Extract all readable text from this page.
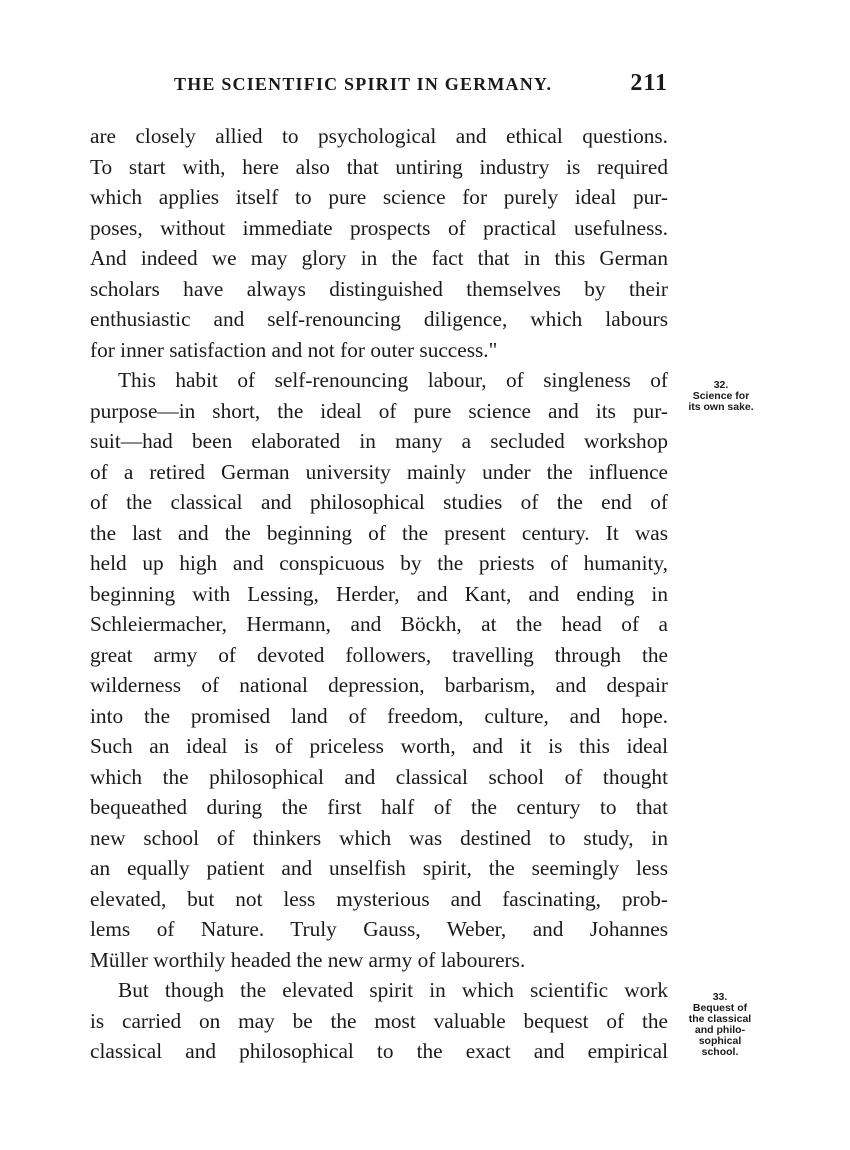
THE SCIENTIFIC SPIRIT IN GERMANY.	211
are closely allied to psychological and ethical questions.
To start with, here also that untiring industry is required
which applies itself to pure science for purely ideal pur-
poses, without immediate prospects of practical usefulness.
And indeed we may glory in the fact that in this German
scholars have always distinguished themselves by their
enthusiastic and self-renouncing diligence, which labours
for inner satisfaction and not for outer success."
This habit of self-renouncing labour, of singleness of
purpose—in short, the ideal of pure science and its pur-
suit—had been elaborated in many a secluded workshop
of a retired German university mainly under the influence
of the classical and philosophical studies of the end of
the last and the beginning of the present century. It was
held up high and conspicuous by the priests of humanity,
beginning with Lessing, Herder, and Kant, and ending in
Schleiermacher, Hermann, and Böckh, at the head of a
great army of devoted followers, travelling through the
wilderness of national depression, barbarism, and despair
into the promised land of freedom, culture, and hope.
Such an ideal is of priceless worth, and it is this ideal
which the philosophical and classical school of thought
bequeathed during the first half of the century to that
new school of thinkers which was destined to study, in
an equally patient and unselfish spirit, the seemingly less
elevated, but not less mysterious and fascinating, prob-
lems of Nature. Truly Gauss, Weber, and Johannes
Müller worthily headed the new army of labourers.
But though the elevated spirit in which scientific work
is carried on may be the most valuable bequest of the
classical and philosophical to the exact and empirical
32.
Science for
its own sake.
33.
Bequest of
the classical
and philo-
sophical
school.
